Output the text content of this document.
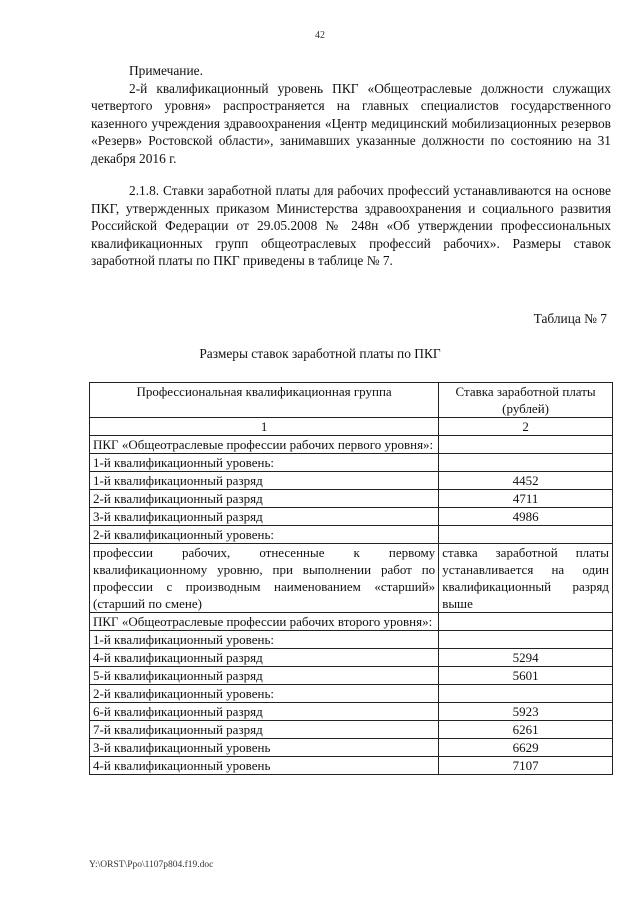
42

Примечание.

2-й квалификационный уровень ПКГ «Общеотраслевые должности служащих четвертого уровня» распространяется на главных специалистов государственного казенного учреждения здравоохранения «Центр медицинский мобилизационных резервов «Резерв» Ростовской области», занимавших указанные должности по состоянию на 31 декабря 2016 г.

2.1.8. Ставки заработной платы для рабочих профессий устанавливаются на основе ПКГ, утвержденных приказом Министерства здравоохранения и социального развития Российской Федерации от 29.05.2008 № 248н «Об утверждении профессиональных квалификационных групп общеотраслевых профессий рабочих». Размеры ставок заработной платы по ПКГ приведены в таблице № 7.

Таблица № 7
Размеры ставок заработной платы по ПКГ
Профессиональная квалификационная группа	Ставка заработной платы (рублей)
1	2
ПКГ «Общеотраслевые профессии рабочих первого уровня»:	
1-й квалификационный уровень:	
1-й квалификационный разряд	4452
2-й квалификационный разряд	4711
3-й квалификационный разряд	4986
2-й квалификационный уровень:	
профессии рабочих, отнесенные к первому квалификационному уровню, при выполнении работ по профессии с производным наименованием «старший» (старший по смене)	ставка заработной платы устанавливается на один квалификационный разряд выше
ПКГ «Общеотраслевые профессии рабочих второго уровня»:	
1-й квалификационный уровень:	
4-й квалификационный разряд	5294
5-й квалификационный разряд	5601
2-й квалификационный уровень:	
6-й квалификационный разряд	5923
7-й квалификационный разряд	6261
3-й квалификационный уровень	6629
4-й квалификационный уровень	7107
Y:\ORST\Ppo\1107p804.f19.doc
